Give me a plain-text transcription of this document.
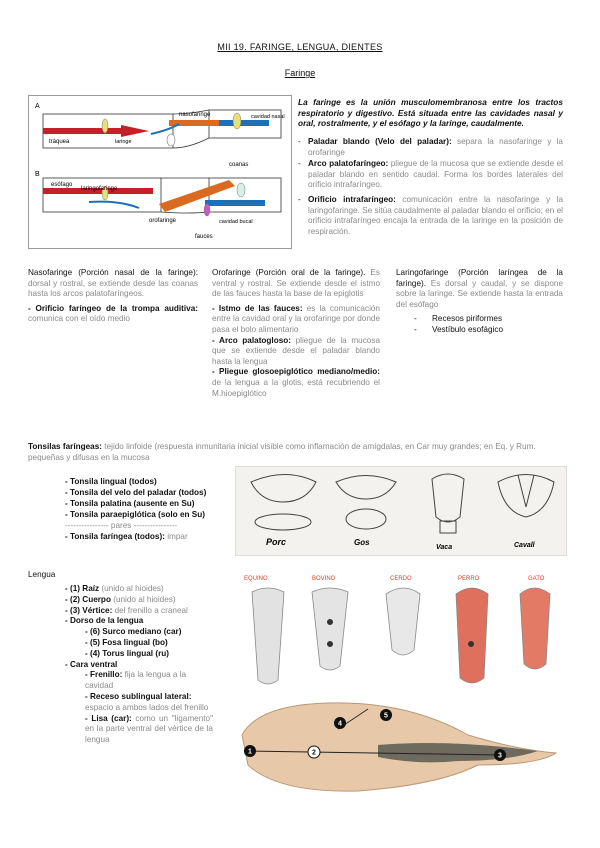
MII 19. FARINGE, LENGUA, DIENTES
Faringe
A
B
nasofaringe	cavidad nasal
tráquea	laringe
esófago
laringofaringe
orofaringe
coanas
cavidad bucal
fauces
La faringe es la unión musculomembranosa entre los tractos respiratorio y digestivo. Está situada entre las cavidades nasal y oral, rostralmente, y el esófago y la laringe, caudalmente.
- Paladar blando (Velo del paladar): separa la nasofaringe y la orofaringe
- Arco palatofaríngeo: pliegue de la mucosa que se extiende desde el paladar blando en sentido caudal. Forma los bordes laterales del orificio intrafaríngeo.
- Orificio intrafaríngeo: comunicación entre la nasofaringe y la laringofaringe. Se sitúa caudalmente al paladar blando el orificio; en el orificio intrafaríngeo encaja la entrada de la laringe en la posición de respiración.

Nasofaringe (Porción nasal de la faringe): dorsal y rostral, se extiende desde las coanas hasta los arcos palatofaríngeos.

- Orificio faríngeo de la trompa auditiva: comunica con el oído medio

Orofaringe (Porción oral de la faringe). Es ventral y rostral. Se extiende desde el istmo de las fauces hasta la base de la epiglotis

- Istmo de las fauces: es la comunicación entre la cavidad oral y la orofaringe por donde pasa el bolo alimentario

- Arco palatogloso: pliegue de la mucosa que se extiende desde el paladar blando hasta la lengua

- Pliegue glosoepiglótico mediano/medio: de la lengua a la glotis, está recubriendo el M.hioepiglótico

Laringofaringe (Porción laríngea de la faringe). Es dorsal y caudal, y se dispone sobre la laringe. Se extiende hasta la entrada del esófago

- Recesos piriformes
- Vestíbulo esofágico
Tonsilas faríngeas: tejido linfoide (respuesta inmunitaria inicial visible como inflamación de amígdalas, en Car muy grandes; en Eq. y Rum. pequeñas y difusas en la mucosa
- Tonsila lingual (todos)
- Tonsila del velo del paladar (todos)
- Tonsila palatina (ausente en Su)
- Tonsila paraepiglótica (solo en Su)
---------------- pares ----------------
- Tonsila faríngea (todos): impar
Porc	Gos
Vaca	Cavall
Lengua
- (1) Raíz (unido al hioides)
- (2) Cuerpo (unido al hioides)
- (3) Vértice: del frenillo a craneal
- Dorso de la lengua
- (6) Surco mediano (car)
- (5) Fosa lingual (bo)
- (4) Torus lingual (ru)
- Cara ventral
- Frenillo: fija la lengua a la cavidad
- Receso sublingual lateral: espacio a ambos lados del frenillo
- Lisa (car): como un "ligamento" en la parte ventral del vértice de la lengua
EQUINO	BOVINO	CERDO	PERRO	GATO
1	2	3
4
5
